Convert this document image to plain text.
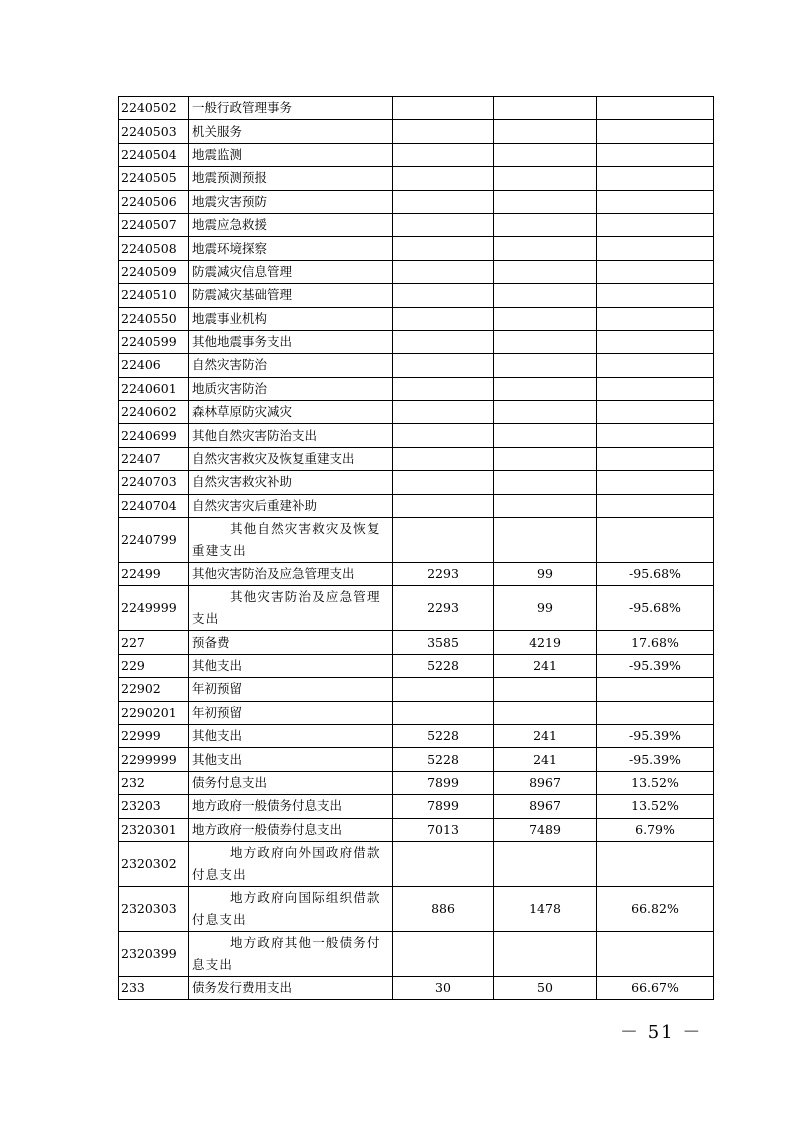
2240502	一般行政管理事务			
2240503	机关服务			
2240504	地震监测			
2240505	地震预测预报			
2240506	地震灾害预防			
2240507	地震应急救援			
2240508	地震环境探察			
2240509	防震减灾信息管理			
2240510	防震减灾基础管理			
2240550	地震事业机构			
2240599	其他地震事务支出			
22406	自然灾害防治			
2240601	地质灾害防治			
2240602	森林草原防灾减灾			
2240699	其他自然灾害防治支出			
22407	自然灾害救灾及恢复重建支出			
2240703	自然灾害救灾补助			
2240704	自然灾害灾后重建补助			
2240799	其他自然灾害救灾及恢复重建支出			
22499	其他灾害防治及应急管理支出	2293	99	-95.68%
2249999	其他灾害防治及应急管理支出	2293	99	-95.68%
227	预备费	3585	4219	17.68%
229	其他支出	5228	241	-95.39%
22902	年初预留			
2290201	年初预留			
22999	其他支出	5228	241	-95.39%
2299999	其他支出	5228	241	-95.39%
232	债务付息支出	7899	8967	13.52%
23203	地方政府一般债务付息支出	7899	8967	13.52%
2320301	地方政府一般债券付息支出	7013	7489	6.79%
2320302	地方政府向外国政府借款付息支出			
2320303	地方政府向国际组织借款付息支出	886	1478	66.82%
2320399	地方政府其他一般债务付息支出			
233	债务发行费用支出	30	50	66.67%
－ 51 －
